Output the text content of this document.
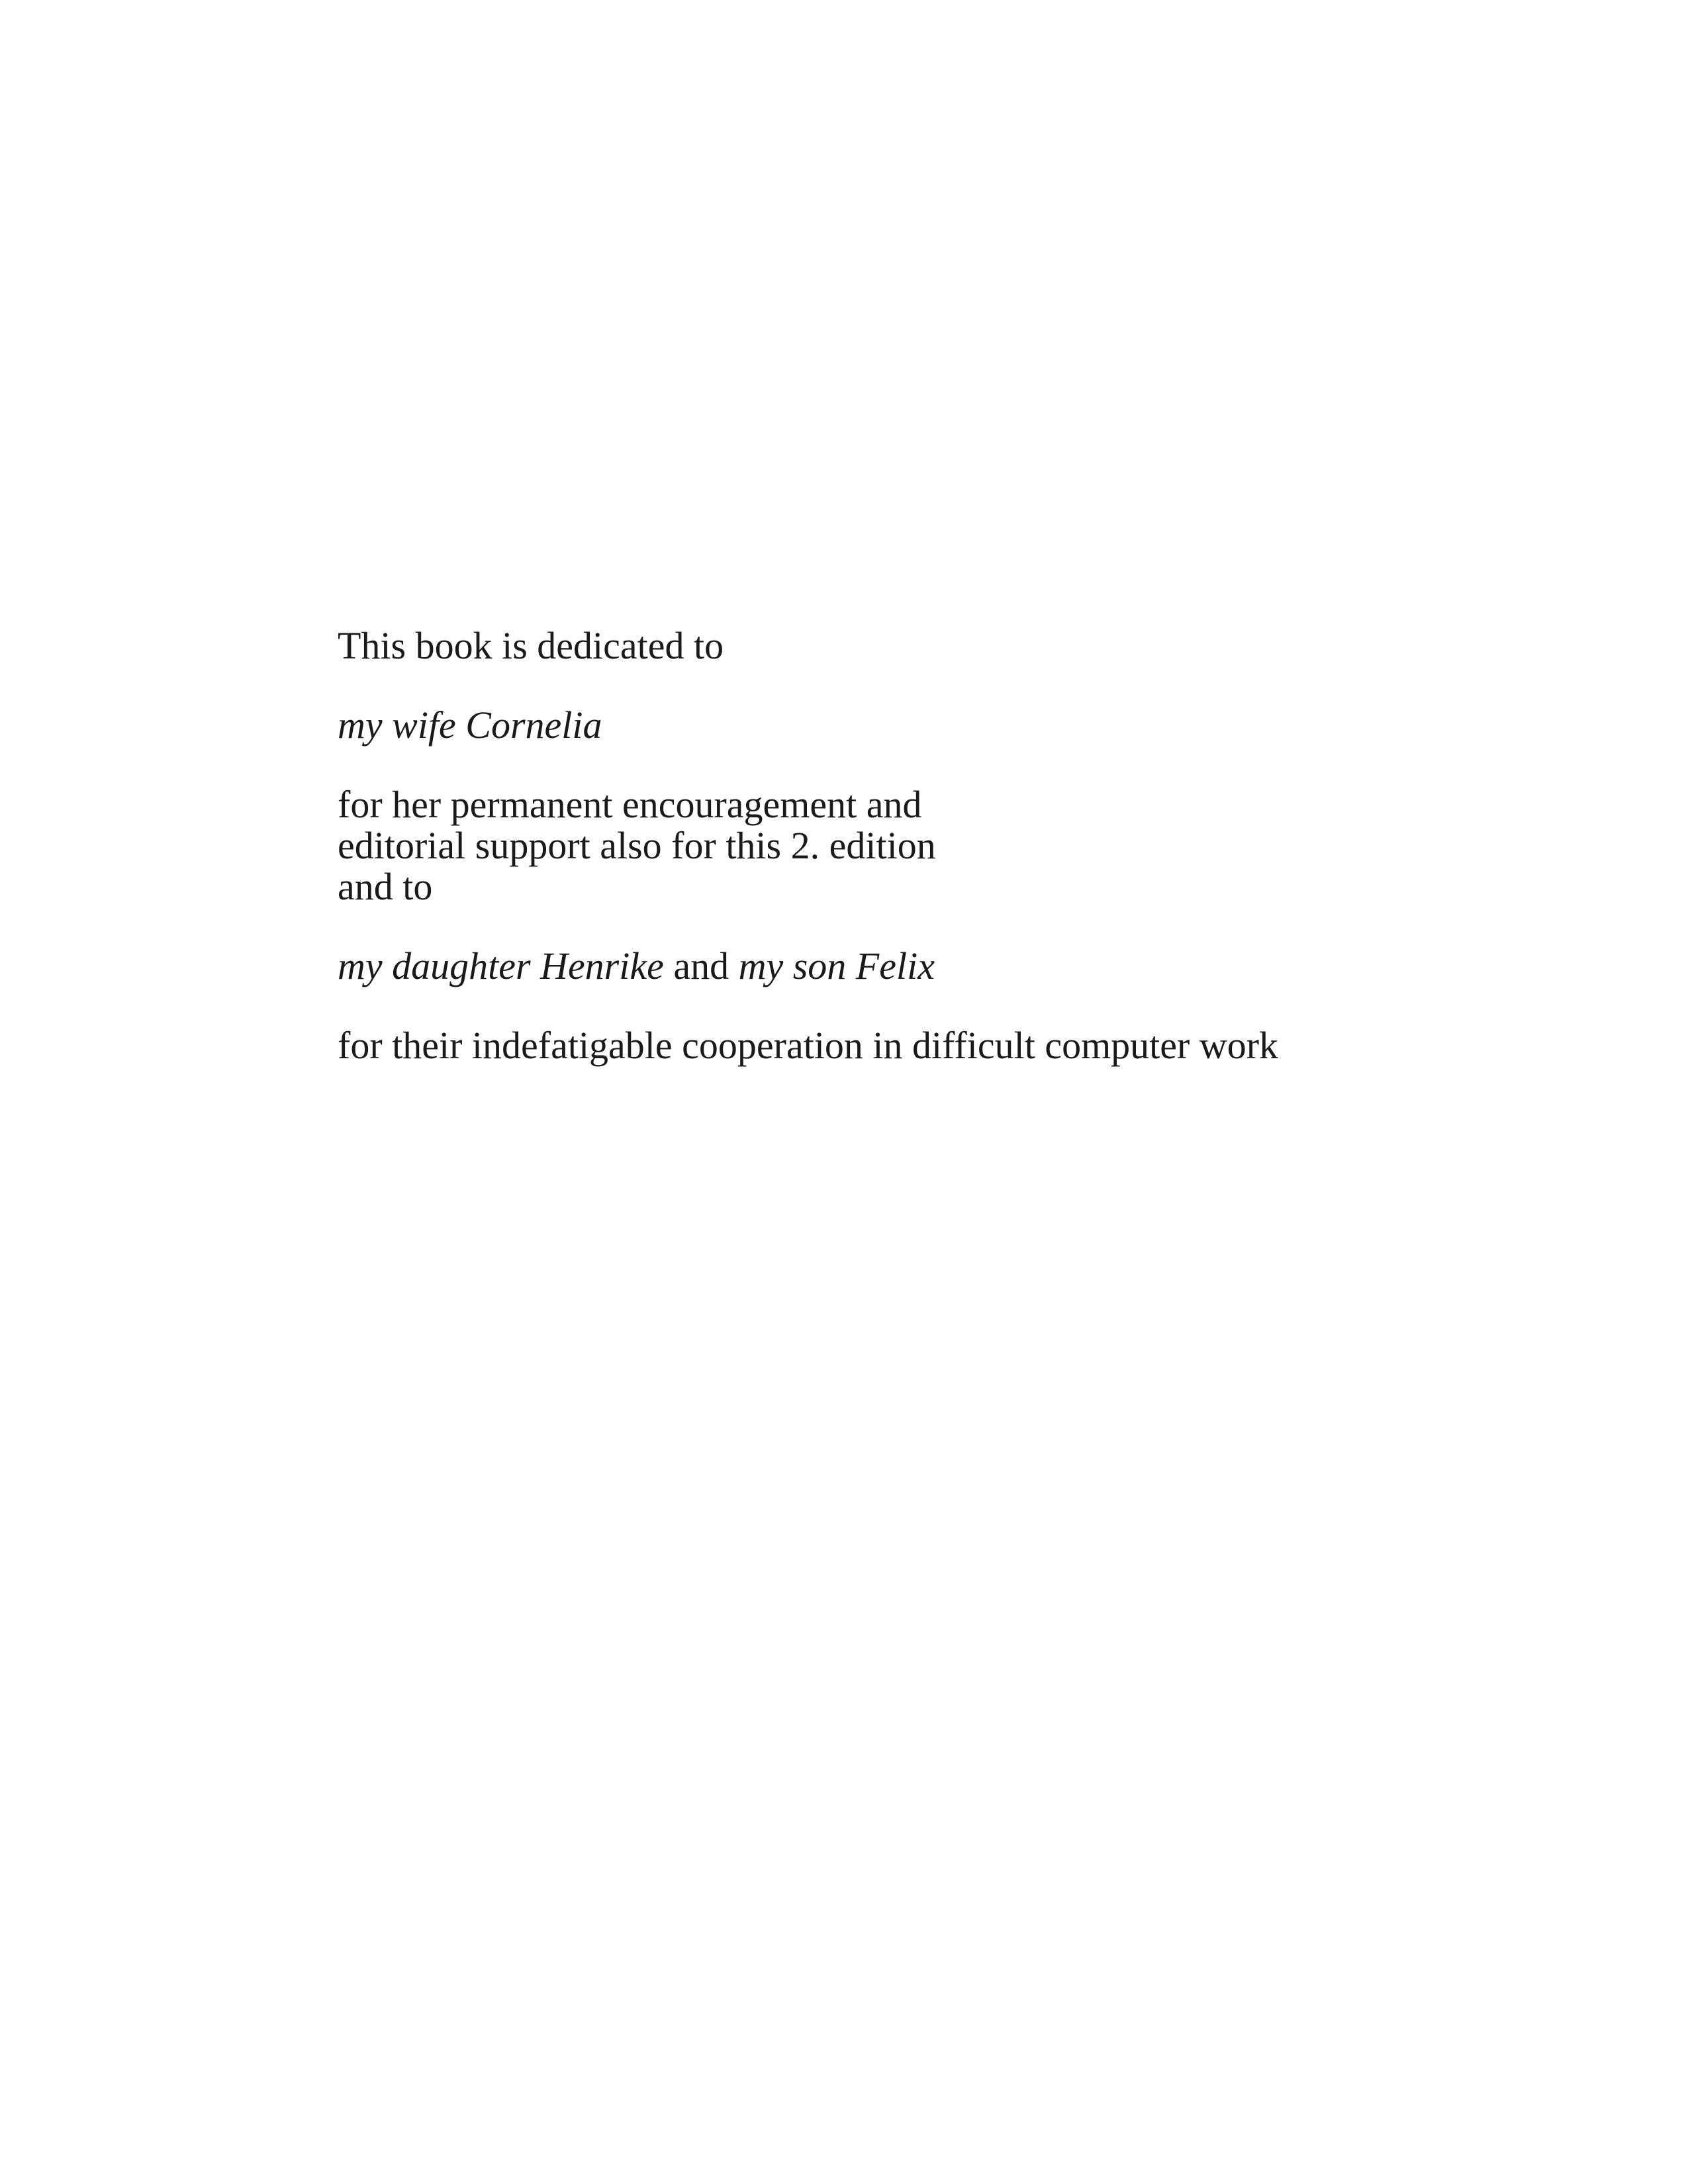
This book is dedicated to

my wife Cornelia

for her permanent encouragement and

editorial support also for this 2. edition

and to

my daughter Henrike and my son Felix

for their indefatigable cooperation in difficult computer work
